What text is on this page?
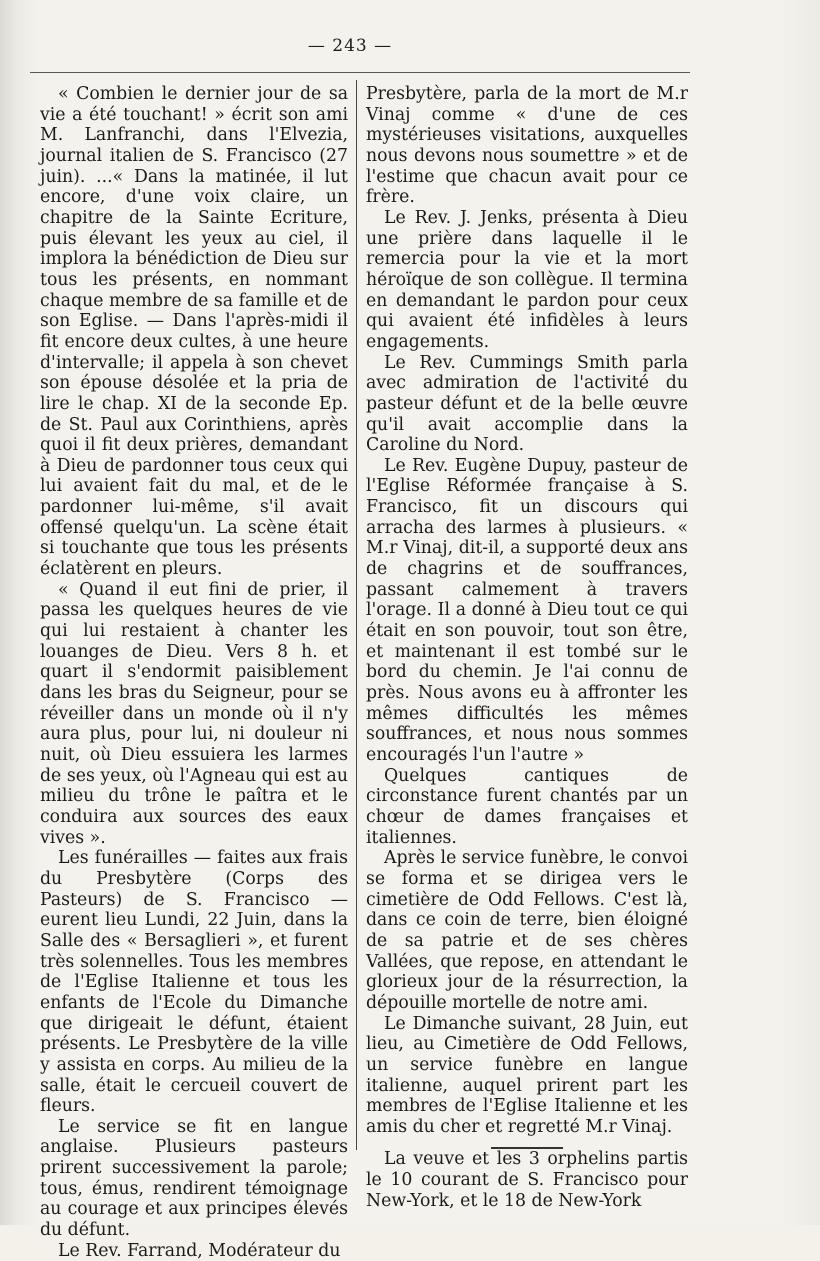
— 243 —

« Combien le dernier jour de sa vie a été touchant! » écrit son ami M. Lanfranchi, dans l'Elvezia, journal italien de S. Francisco (27 juin). ...« Dans la matinée, il lut encore, d'une voix claire, un chapitre de la Sainte Ecriture, puis élevant les yeux au ciel, il implora la bénédiction de Dieu sur tous les présents, en nommant chaque membre de sa famille et de son Eglise. — Dans l'après-midi il fit encore deux cultes, à une heure d'intervalle; il appela à son chevet son épouse désolée et la pria de lire le chap. XI de la seconde Ep. de St. Paul aux Corinthiens, après quoi il fit deux prières, demandant à Dieu de pardonner tous ceux qui lui avaient fait du mal, et de le pardonner lui-même, s'il avait offensé quelqu'un. La scène était si touchante que tous les présents éclatèrent en pleurs.

« Quand il eut fini de prier, il passa les quelques heures de vie qui lui restaient à chanter les louanges de Dieu. Vers 8 h. et quart il s'endormit paisiblement dans les bras du Seigneur, pour se réveiller dans un monde où il n'y aura plus, pour lui, ni douleur ni nuit, où Dieu essuiera les larmes de ses yeux, où l'Agneau qui est au milieu du trône le paîtra et le conduira aux sources des eaux vives ».

Les funérailles — faites aux frais du Presbytère (Corps des Pasteurs) de S. Francisco — eurent lieu Lundi, 22 Juin, dans la Salle des « Bersaglieri », et furent très solennelles. Tous les membres de l'Eglise Italienne et tous les enfants de l'Ecole du Dimanche que dirigeait le défunt, étaient présents. Le Presbytère de la ville y assista en corps. Au milieu de la salle, était le cercueil couvert de fleurs.

Le service se fit en langue anglaise. Plusieurs pasteurs prirent successivement la parole; tous, émus, rendirent témoignage au courage et aux principes élevés du défunt.

Le Rev. Farrand, Modérateur du

Presbytère, parla de la mort de M.r Vinaj comme « d'une de ces mystérieuses visitations, auxquelles nous devons nous soumettre » et de l'estime que chacun avait pour ce frère.

Le Rev. J. Jenks, présenta à Dieu une prière dans laquelle il le remercia pour la vie et la mort héroïque de son collègue. Il termina en demandant le pardon pour ceux qui avaient été infidèles à leurs engagements.

Le Rev. Cummings Smith parla avec admiration de l'activité du pasteur défunt et de la belle œuvre qu'il avait accomplie dans la Caroline du Nord.

Le Rev. Eugène Dupuy, pasteur de l'Eglise Réformée française à S. Francisco, fit un discours qui arracha des larmes à plusieurs. « M.r Vinaj, dit-il, a supporté deux ans de chagrins et de souffrances, passant calmement à travers l'orage. Il a donné à Dieu tout ce qui était en son pouvoir, tout son être, et maintenant il est tombé sur le bord du chemin. Je l'ai connu de près. Nous avons eu à affronter les mêmes difficultés les mêmes souffrances, et nous nous sommes encouragés l'un l'autre »

Quelques cantiques de circonstance furent chantés par un chœur de dames françaises et italiennes.

Après le service funèbre, le convoi se forma et se dirigea vers le cimetière de Odd Fellows. C'est là, dans ce coin de terre, bien éloigné de sa patrie et de ses chères Vallées, que repose, en attendant le glorieux jour de la résurrection, la dépouille mortelle de notre ami.

Le Dimanche suivant, 28 Juin, eut lieu, au Cimetière de Odd Fellows, un service funèbre en langue italienne, auquel prirent part les membres de l'Eglise Italienne et les amis du cher et regretté M.r Vinaj.

La veuve et les 3 orphelins partis le 10 courant de S. Francisco pour New-York, et le 18 de New-York
